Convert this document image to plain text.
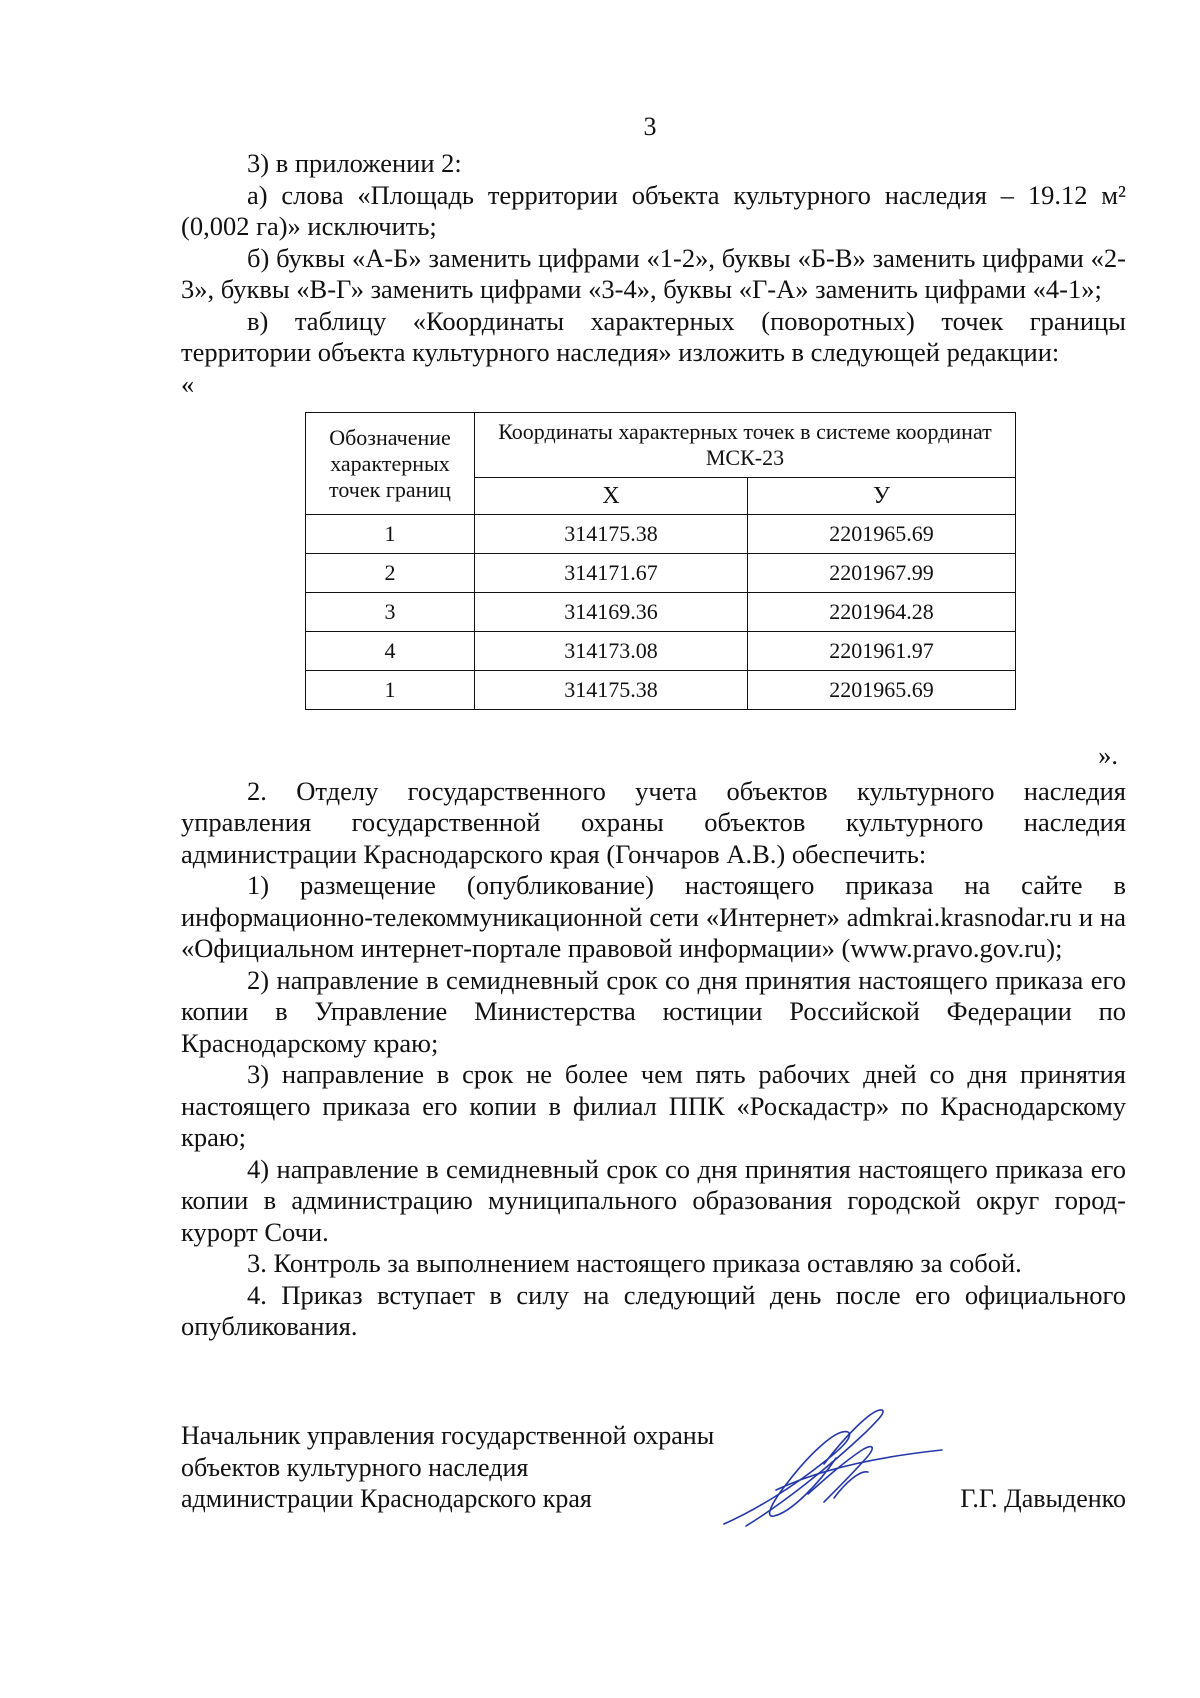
3

3) в приложении 2:

а) слова «Площадь территории объекта культурного наследия – 19.12 м² (0,002 га)» исключить;

б) буквы «А-Б» заменить цифрами «1-2», буквы «Б-В» заменить цифрами «2-3», буквы «В-Г» заменить цифрами «3-4», буквы «Г-А» заменить цифрами «4-1»;

в) таблицу «Координаты характерных (поворотных) точек границы территории объекта культурного наследия» изложить в следующей редакции:

«

Обозначение характерных точек границ	Координаты характерных точек в системе координат МСК-23	
	Х	У
1	314175.38	2201965.69
2	314171.67	2201967.99
3	314169.36	2201964.28
4	314173.08	2201961.97
1	314175.38	2201965.69
».

2. Отделу государственного учета объектов культурного наследия управления государственной охраны объектов культурного наследия администрации Краснодарского края (Гончаров А.В.) обеспечить:

1) размещение (опубликование) настоящего приказа на сайте в информационно-телекоммуникационной сети «Интернет» admkrai.krasnodar.ru и на «Официальном интернет-портале правовой информации» (www.pravo.gov.ru);

2) направление в семидневный срок со дня принятия настоящего приказа его копии в Управление Министерства юстиции Российской Федерации по Краснодарскому краю;

3) направление в срок не более чем пять рабочих дней со дня принятия настоящего приказа его копии в филиал ППК «Роскадастр» по Краснодарскому краю;

4) направление в семидневный срок со дня принятия настоящего приказа его копии в администрацию муниципального образования городской округ город-курорт Сочи.

3. Контроль за выполнением настоящего приказа оставляю за собой.

4. Приказ вступает в силу на следующий день после его официального опубликования.

Начальник управления государственной охраны
объектов культурного наследия
администрации Краснодарского края	Г.Г. Давыденко
